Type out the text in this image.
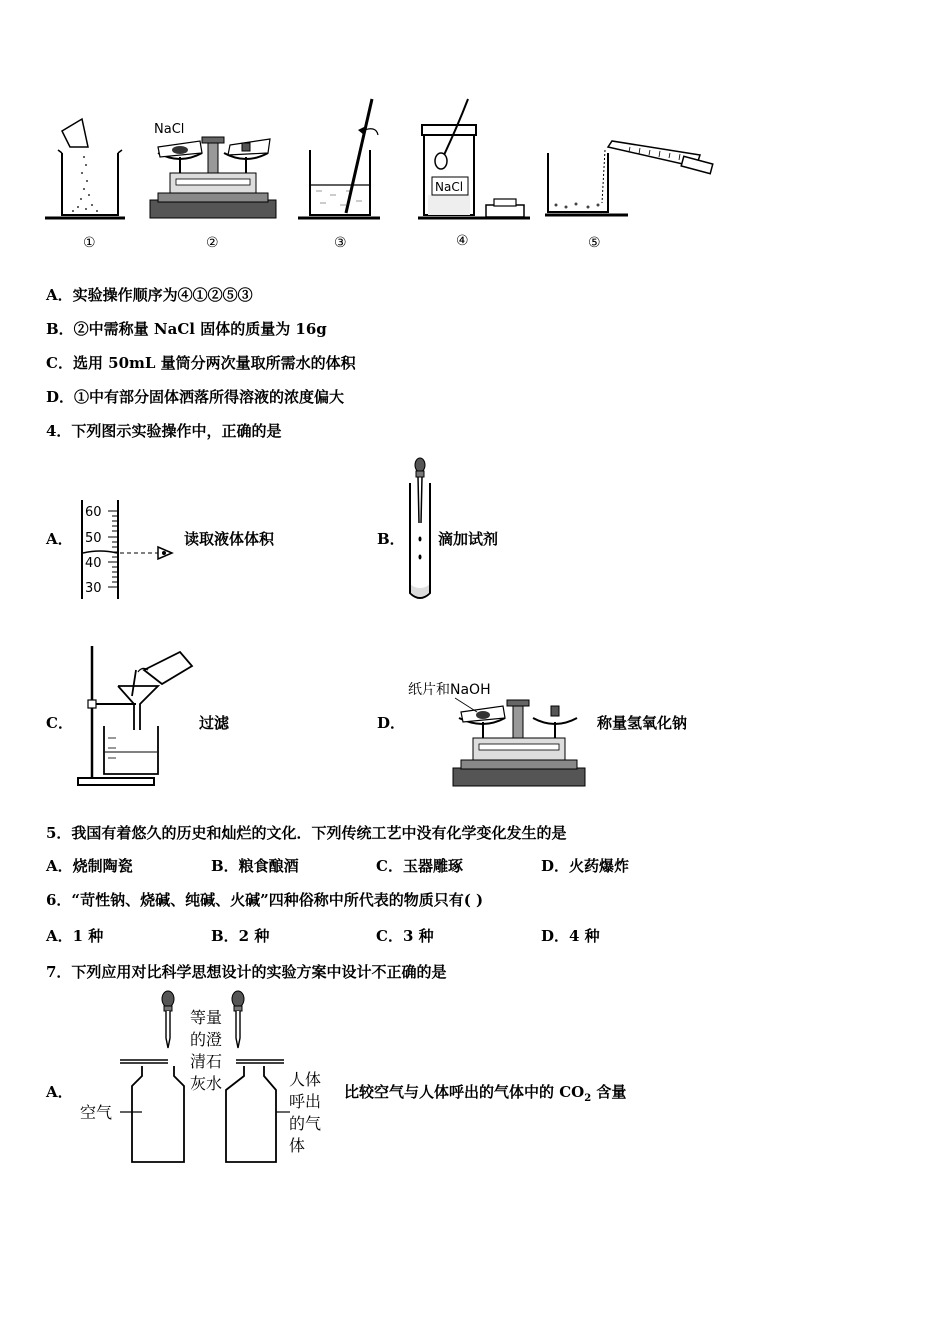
NaCl
NaCl
①	②	③	④	⑤
A．实验操作顺序为④①②⑤③
B．②中需称量 NaCl 固体的质量为 16g
C．选用 50mL 量筒分两次量取所需水的体积
D．①中有部分固体洒落所得溶液的浓度偏大
4．下列图示实验操作中，正确的是
A．
60
50
40
30
读取液体体积	B． 滴加试剂
C．	过滤	D．
纸片和NaOH
称量氢氧化钠
5．我国有着悠久的历史和灿烂的文化．下列传统工艺中没有化学变化发生的是
A．烧制陶瓷	B．粮食酿酒	C．玉器雕琢	D．火药爆炸
6．“苛性钠、烧碱、纯碱、火碱”四种俗称中所代表的物质只有( )
A．1 种	B．2 种	C．3 种	D．4 种
7．下列应用对比科学思想设计的实验方案中设计不正确的是
A．
等量
的澄
清石
灰水
空气
人体
呼出
的气
体
比较空气与人体呼出的气体中的 $CO_2$ 含量
